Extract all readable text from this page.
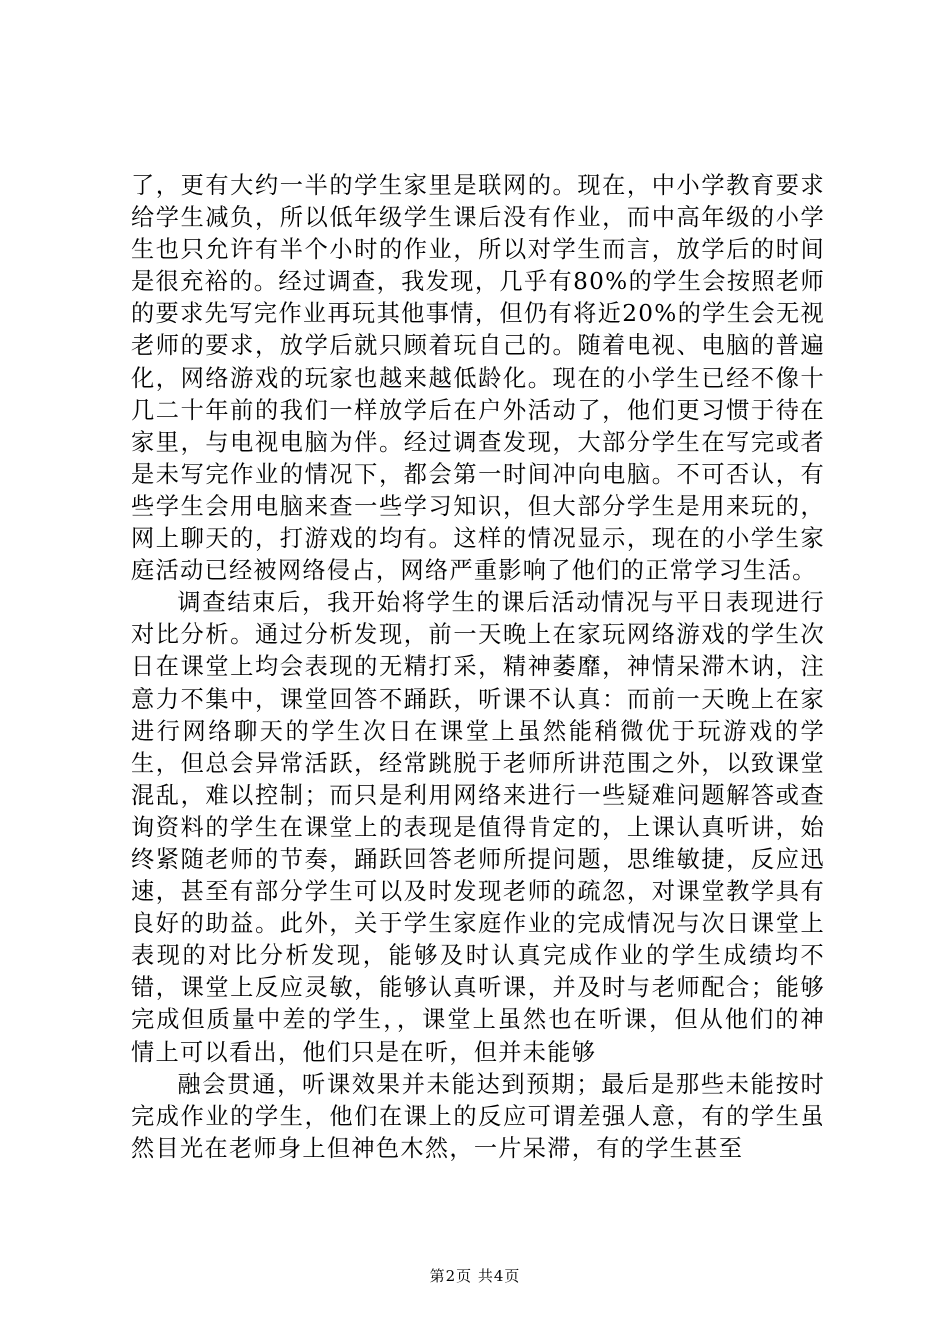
了，更有大约一半的学生家里是联网的。现在，中小学教育要求给学生减负，所以低年级学生课后没有作业，而中高年级的小学生也只允许有半个小时的作业，所以对学生而言，放学后的时间是很充裕的。经过调查，我发现，几乎有80%的学生会按照老师的要求先写完作业再玩其他事情，但仍有将近20%的学生会无视老师的要求，放学后就只顾着玩自己的。随着电视、电脑的普遍化，网络游戏的玩家也越来越低龄化。现在的小学生已经不像十几二十年前的我们一样放学后在户外活动了，他们更习惯于待在家里，与电视电脑为伴。经过调查发现，大部分学生在写完或者是未写完作业的情况下，都会第一时间冲向电脑。不可否认，有些学生会用电脑来查一些学习知识，但大部分学生是用来玩的，网上聊天的，打游戏的均有。这样的情况显示，现在的小学生家庭活动已经被网络侵占，网络严重影响了他们的正常学习生活。

调查结束后，我开始将学生的课后活动情况与平日表现进行对比分析。通过分析发现，前一天晚上在家玩网络游戏的学生次日在课堂上均会表现的无精打采，精神萎靡，神情呆滞木讷，注意力不集中，课堂回答不踊跃，听课不认真：而前一天晚上在家进行网络聊天的学生次日在课堂上虽然能稍微优于玩游戏的学生，但总会异常活跃，经常跳脱于老师所讲范围之外，以致课堂混乱，难以控制；而只是利用网络来进行一些疑难问题解答或查询资料的学生在课堂上的表现是值得肯定的，上课认真听讲，始终紧随老师的节奏，踊跃回答老师所提问题，思维敏捷，反应迅速，甚至有部分学生可以及时发现老师的疏忽，对课堂教学具有良好的助益。此外，关于学生家庭作业的完成情况与次日课堂上表现的对比分析发现，能够及时认真完成作业的学生成绩均不错，课堂上反应灵敏，能够认真听课，并及时与老师配合；能够完成但质量中差的学生，，课堂上虽然也在听课，但从他们的神情上可以看出，他们只是在听，但并未能够

融会贯通，听课效果并未能达到预期；最后是那些未能按时完成作业的学生，他们在课上的反应可谓差强人意，有的学生虽然目光在老师身上但神色木然，一片呆滞，有的学生甚至

第2页 共4页
